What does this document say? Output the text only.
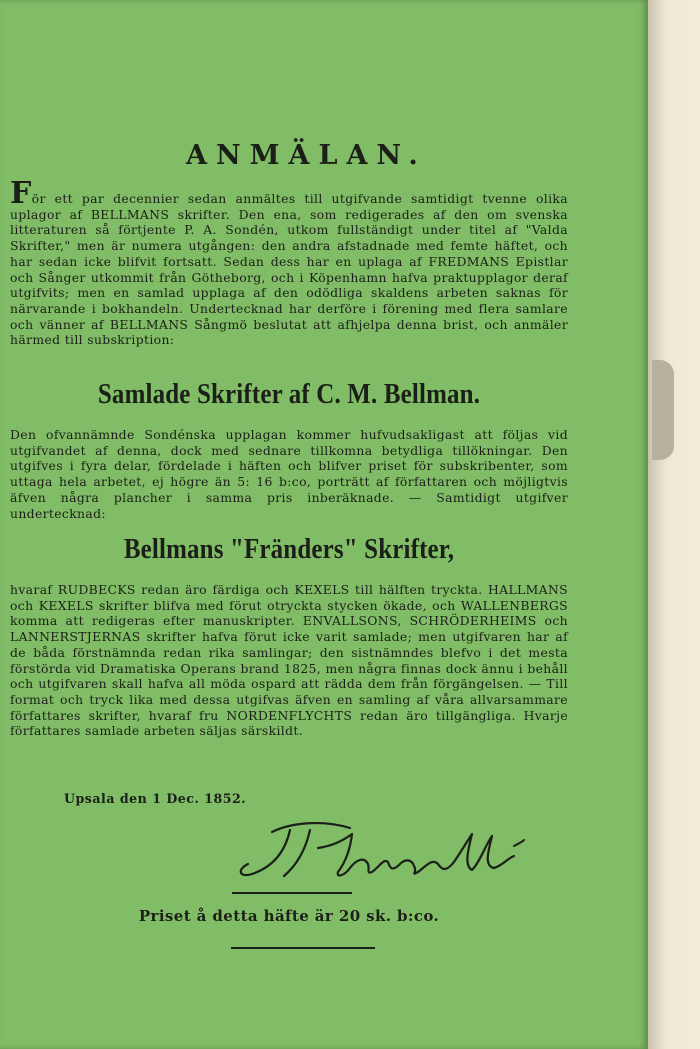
ANMÄLAN.

För ett par decennier sedan anmältes till utgifvande samtidigt tvenne olika uplagor af BELLMANS skrifter. Den ena, som redigerades af den om svenska litteraturen så förtjente P. A. Sondén, utkom fullständigt under titel af "Valda Skrifter," men är numera utgången: den andra afstadnade med femte häftet, och har sedan icke blifvit fortsatt. Sedan dess har en uplaga af FREDMANS Epistlar och Sånger utkommit från Götheborg, och i Köpenhamn hafva praktupplagor deraf utgifvits; men en samlad upplaga af den odödliga skaldens arbeten saknas för närvarande i bokhandeln. Undertecknad har derföre i förening med flera samlare och vänner af BELLMANS Sångmö beslutat att afhjelpa denna brist, och anmäler härmed till subskription:

Samlade Skrifter af C. M. Bellman.

Den ofvannämnde Sondénska upplagan kommer hufvudsakligast att följas vid utgifvandet af denna, dock med sednare tillkomna betydliga tillökningar. Den utgifves i fyra delar, fördelade i häften och blifver priset för subskribenter, som uttaga hela arbetet, ej högre än 5: 16 b:co, porträtt af författaren och möjligtvis äfven några plancher i samma pris inberäknade. — Samtidigt utgifver undertecknad:

Bellmans "Fränders" Skrifter,

hvaraf RUDBECKS redan äro färdiga och KEXELS till hälften tryckta. HALLMANS och KEXELS skrifter blifva med förut otryckta stycken ökade, och WALLENBERGS komma att redigeras efter manuskripter. ENVALLSONS, SCHRÖDERHEIMS och LANNERSTJERNAS skrifter hafva förut icke varit samlade; men utgifvaren har af de båda förstnämnda redan rika samlingar; den sistnämndes blefvo i det mesta förstörda vid Dramatiska Operans brand 1825, men några finnas dock ännu i behåll och utgifvaren skall hafva all möda ospard att rädda dem från förgängelsen. — Till format och tryck lika med dessa utgifvas äfven en samling af våra allvarsammare författares skrifter, hvaraf fru NORDENFLYCHTS redan äro tillgängliga. Hvarje författares samlade arbeten säljas särskildt.

Upsala den 1 Dec. 1852.
Priset å detta häfte är 20 sk. b:co.
